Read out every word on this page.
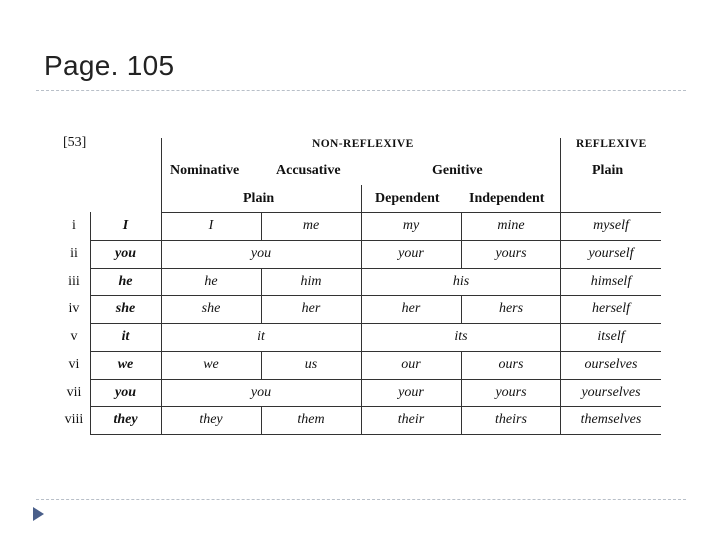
Page. 105
[53]	NON-REFLEXIVE	REFLEXIVE
Nominative	Accusative	Genitive
Plain	Dependent Independent
Plain
i	I	I	me	my	mine	myself
ii	you	you	your	yours	yourself
iii	he	he	him	his	himself
iv	she	she	her	her	hers	herself
v	it	it	its	itself
vi	we	we	us	our	ours	ourselves
vii	you	you	your	yours	yourselves
viii	they	they	them	their	theirs	themselves
